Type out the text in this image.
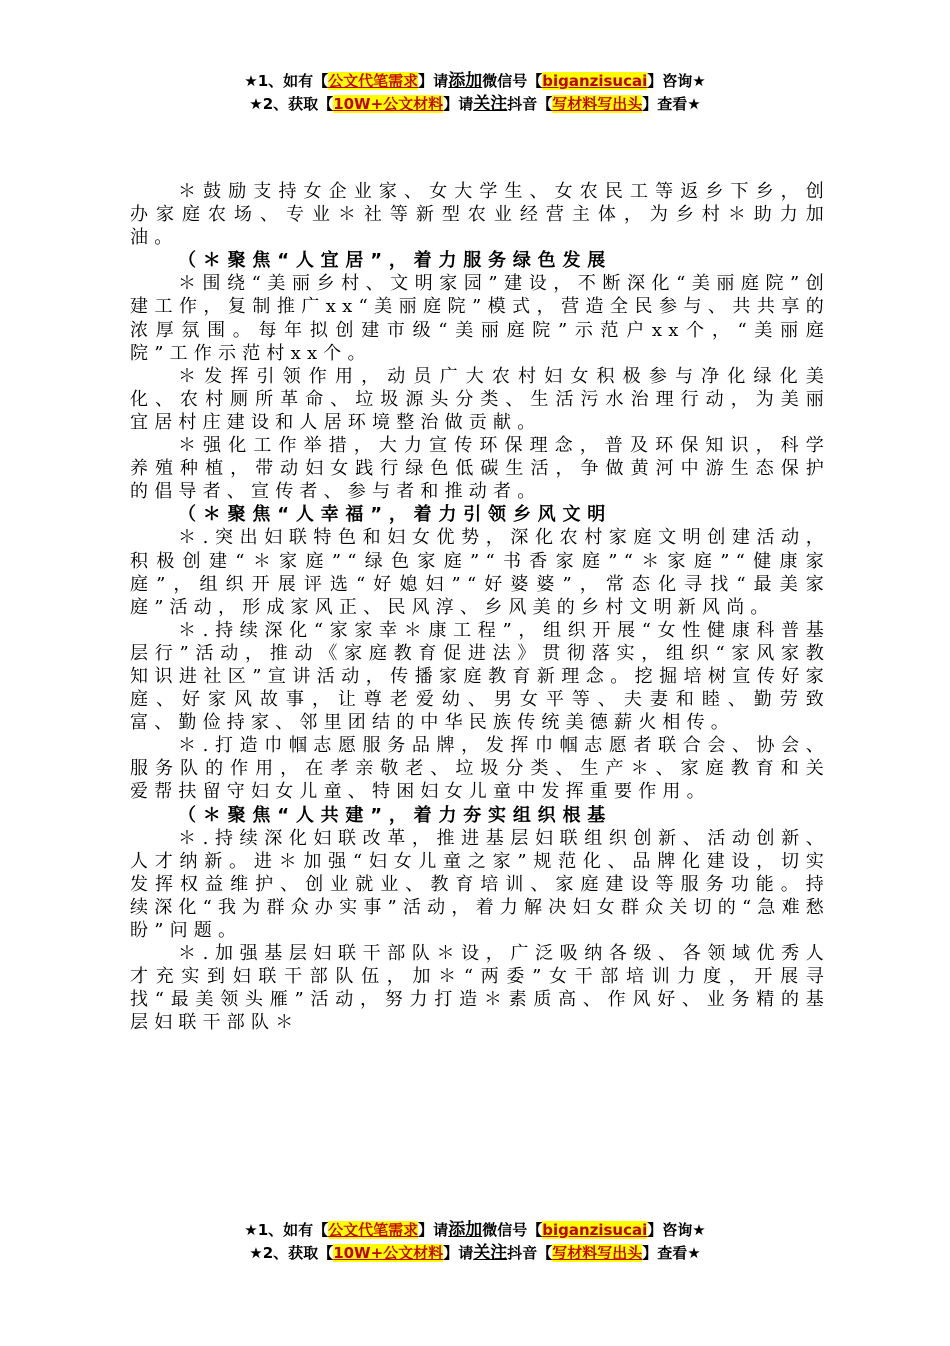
★1、如有【公文代笔需求】请添加微信号【biganzisucai】咨询★
★2、获取【10W+公文材料】请关注抖音【写材料写出头】查看★

＊鼓励支持女企业家、女大学生、女农民工等返乡下乡，创办家庭农场、专业＊社等新型农业经营主体，为乡村＊助力加油。

（＊聚焦“人宜居”，着力服务绿色发展

＊围绕“美丽乡村、文明家园”建设，不断深化“美丽庭院”创建工作，复制推广xx“美丽庭院”模式，营造全民参与、共共享的浓厚氛围。每年拟创建市级“美丽庭院”示范户xx个，“美丽庭院”工作示范村xx个。

＊发挥引领作用，动员广大农村妇女积极参与净化绿化美化、农村厕所革命、垃圾源头分类、生活污水治理行动，为美丽宜居村庄建设和人居环境整治做贡献。

＊强化工作举措，大力宣传环保理念，普及环保知识，科学养殖种植，带动妇女践行绿色低碳生活，争做黄河中游生态保护的倡导者、宣传者、参与者和推动者。

（＊聚焦“人幸福”，着力引领乡风文明

＊.突出妇联特色和妇女优势，深化农村家庭文明创建活动，积极创建“＊家庭”“绿色家庭”“书香家庭”“＊家庭”“健康家庭”，组织开展评选“好媳妇”“好婆婆”，常态化寻找“最美家庭”活动，形成家风正、民风淳、乡风美的乡村文明新风尚。

＊.持续深化“家家幸＊康工程”，组织开展“女性健康科普基层行”活动，推动《家庭教育促进法》贯彻落实，组织“家风家教知识进社区”宣讲活动，传播家庭教育新理念。挖掘培树宣传好家庭、好家风故事，让尊老爱幼、男女平等、夫妻和睦、勤劳致富、勤俭持家、邻里团结的中华民族传统美德薪火相传。

＊.打造巾帼志愿服务品牌，发挥巾帼志愿者联合会、协会、服务队的作用，在孝亲敬老、垃圾分类、生产＊、家庭教育和关爱帮扶留守妇女儿童、特困妇女儿童中发挥重要作用。

（＊聚焦“人共建”，着力夯实组织根基

＊.持续深化妇联改革，推进基层妇联组织创新、活动创新、人才纳新。进＊加强“妇女儿童之家”规范化、品牌化建设，切实发挥权益维护、创业就业、教育培训、家庭建设等服务功能。持续深化“我为群众办实事”活动，着力解决妇女群众关切的“急难愁盼”问题。

＊.加强基层妇联干部队＊设，广泛吸纳各级、各领域优秀人才充实到妇联干部队伍，加＊“两委”女干部培训力度，开展寻找“最美领头雁”活动，努力打造＊素质高、作风好、业务精的基层妇联干部队＊

★1、如有【公文代笔需求】请添加微信号【biganzisucai】咨询★
★2、获取【10W+公文材料】请关注抖音【写材料写出头】查看★
